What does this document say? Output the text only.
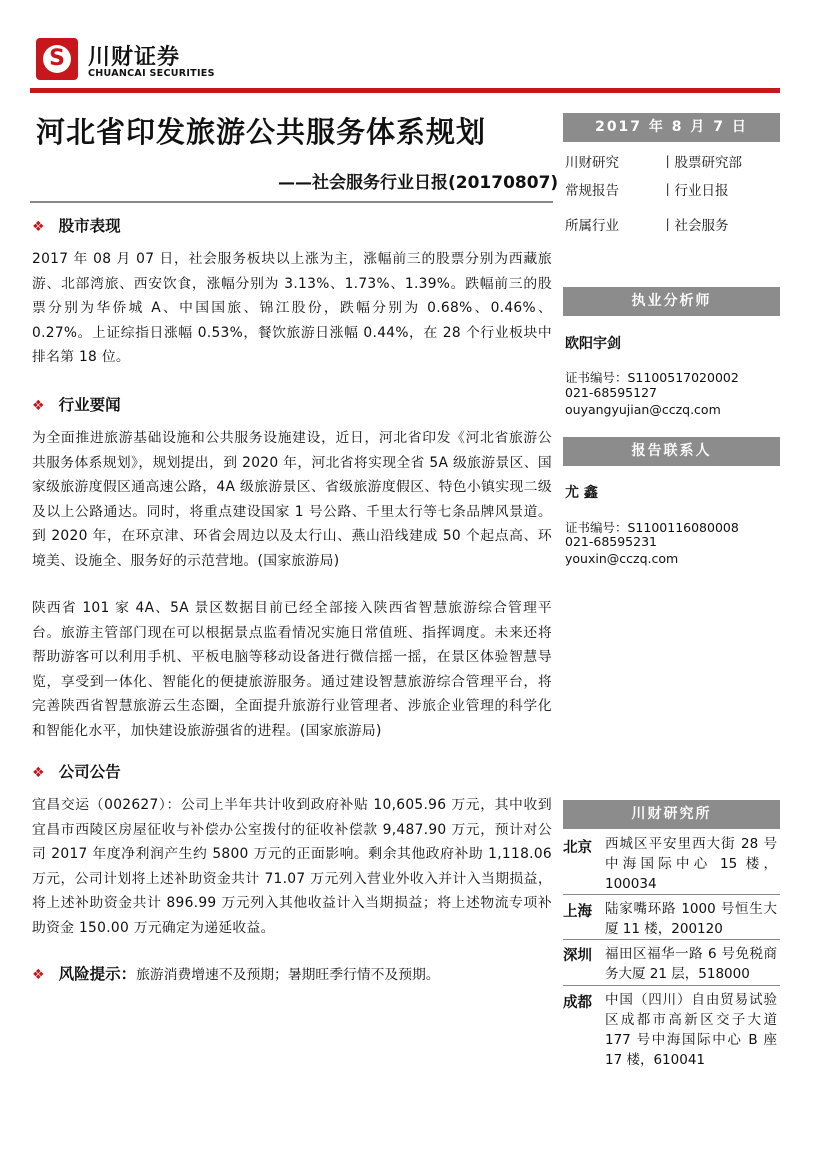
S	川财证券
CHUANCAI SECURITIES
河北省印发旅游公共服务体系规划
——社会服务行业日报(20170807)
2017 年 8 月 7 日
川财研究	丨股票研究部
常规报告	丨行业日报
所属行业	丨社会服务
执业分析师
欧阳宇剑
证书编号：S1100517020002
021-68595127
ouyangyujian@cczq.com
报告联系人
尤 鑫
证书编号：S1100116080008
021-68595231
youxin@cczq.com
川财研究所
北京 西城区平安里西大街 28 号中海国际中心 15 楼，100034
上海 陆家嘴环路 1000 号恒生大厦 11 楼，200120
深圳 福田区福华一路 6 号免税商务大厦 21 层，518000
成都 中国（四川）自由贸易试验区成都市高新区交子大道 177 号中海国际中心 B 座 17 楼，610041
❖ 股市表现
2017 年 08 月 07 日，社会服务板块以上涨为主，涨幅前三的股票分别为西藏旅游、北部湾旅、西安饮食，涨幅分别为 3.13%、1.73%、1.39%。跌幅前三的股票分别为华侨城 A、中国国旅、锦江股份，跌幅分别为 0.68%、0.46%、0.27%。上证综指日涨幅 0.53%，餐饮旅游日涨幅 0.44%，在 28 个行业板块中排名第 18 位。
❖ 行业要闻
为全面推进旅游基础设施和公共服务设施建设，近日，河北省印发《河北省旅游公共服务体系规划》，规划提出，到 2020 年，河北省将实现全省 5A 级旅游景区、国家级旅游度假区通高速公路，4A 级旅游景区、省级旅游度假区、特色小镇实现二级及以上公路通达。同时，将重点建设国家 1 号公路、千里太行等七条品牌风景道。到 2020 年，在环京津、环省会周边以及太行山、燕山沿线建成 50 个起点高、环境美、设施全、服务好的示范营地。(国家旅游局)
陕西省 101 家 4A、5A 景区数据目前已经全部接入陕西省智慧旅游综合管理平台。旅游主管部门现在可以根据景点监看情况实施日常值班、指挥调度。未来还将帮助游客可以利用手机、平板电脑等移动设备进行微信摇一摇，在景区体验智慧导览，享受到一体化、智能化的便捷旅游服务。通过建设智慧旅游综合管理平台，将完善陕西省智慧旅游云生态圈，全面提升旅游行业管理者、涉旅企业管理的科学化和智能化水平，加快建设旅游强省的进程。(国家旅游局)
❖ 公司公告
宜昌交运（002627）：公司上半年共计收到政府补贴 10,605.96 万元，其中收到宜昌市西陵区房屋征收与补偿办公室拨付的征收补偿款 9,487.90 万元，预计对公司 2017 年度净利润产生约 5800 万元的正面影响。剩余其他政府补助 1,118.06 万元，公司计划将上述补助资金共计 71.07 万元列入营业外收入并计入当期损益，将上述补助资金共计 896.99 万元列入其他收益计入当期损益；将上述物流专项补助资金 150.00 万元确定为递延收益。
❖ 风险提示：旅游消费增速不及预期；暑期旺季行情不及预期。
